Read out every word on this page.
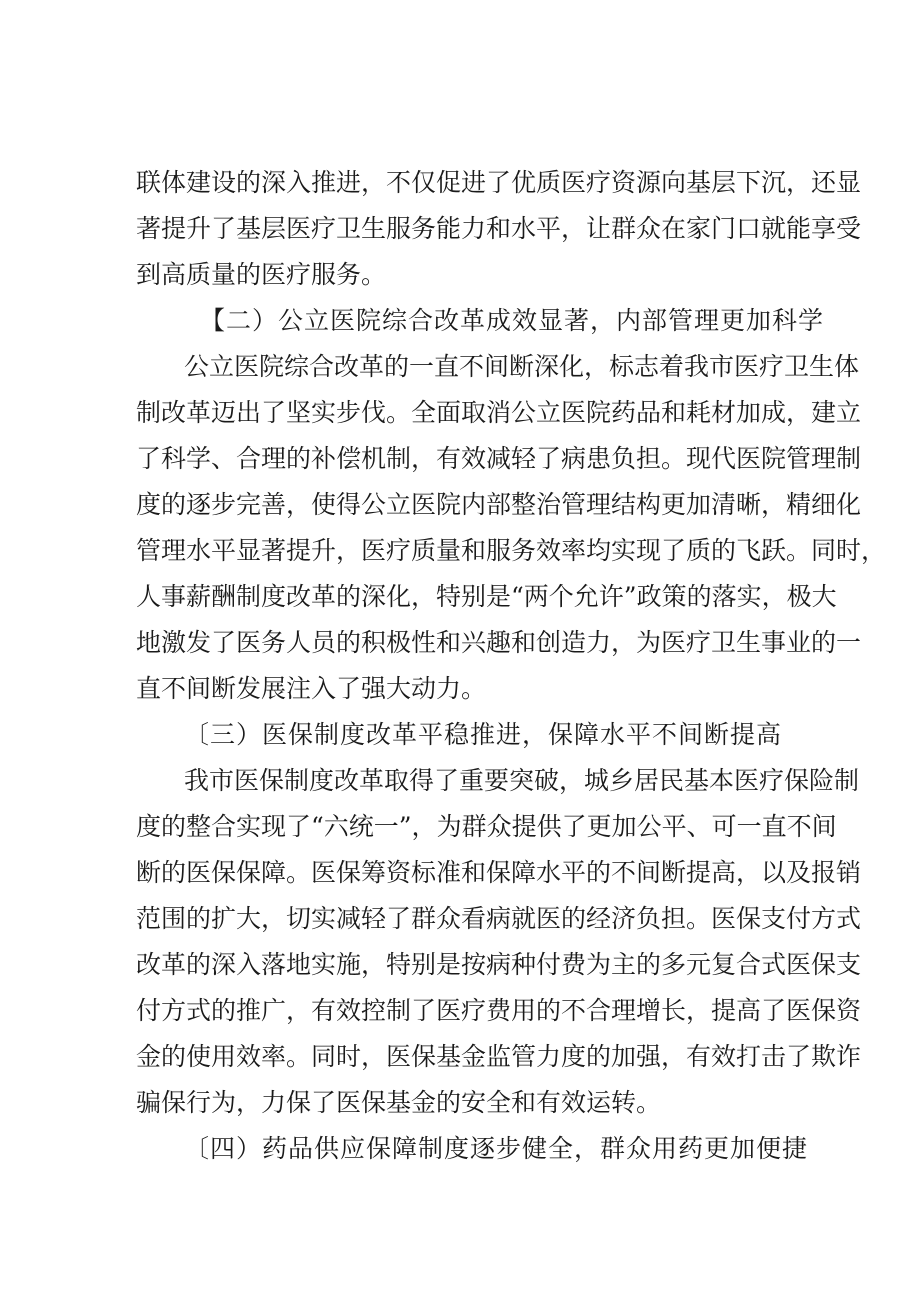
联体建设的深入推进，不仅促进了优质医疗资源向基层下沉，还显
著提升了基层医疗卫生服务能力和水平，让群众在家门口就能享受
到高质量的医疗服务。
【二）公立医院综合改革成效显著，内部管理更加科学
公立医院综合改革的一直不间断深化，标志着我市医疗卫生体
制改革迈出了坚实步伐。全面取消公立医院药品和耗材加成，建立
了科学、合理的补偿机制，有效减轻了病患负担。现代医院管理制
度的逐步完善，使得公立医院内部整治管理结构更加清晰，精细化
管理水平显著提升，医疗质量和服务效率均实现了质的飞跃。同时，
人事薪酬制度改革的深化，特别是“两个允许”政策的落实，极大
地激发了医务人员的积极性和兴趣和创造力，为医疗卫生事业的一
直不间断发展注入了强大动力。
〔三）医保制度改革平稳推进，保障水平不间断提高
我市医保制度改革取得了重要突破，城乡居民基本医疗保险制
度的整合实现了“六统一”，为群众提供了更加公平、可一直不间
断的医保保障。医保筹资标准和保障水平的不间断提高，以及报销
范围的扩大，切实减轻了群众看病就医的经济负担。医保支付方式
改革的深入落地实施，特别是按病种付费为主的多元复合式医保支
付方式的推广，有效控制了医疗费用的不合理增长，提高了医保资
金的使用效率。同时，医保基金监管力度的加强，有效打击了欺诈
骗保行为，力保了医保基金的安全和有效运转。
〔四）药品供应保障制度逐步健全，群众用药更加便捷
